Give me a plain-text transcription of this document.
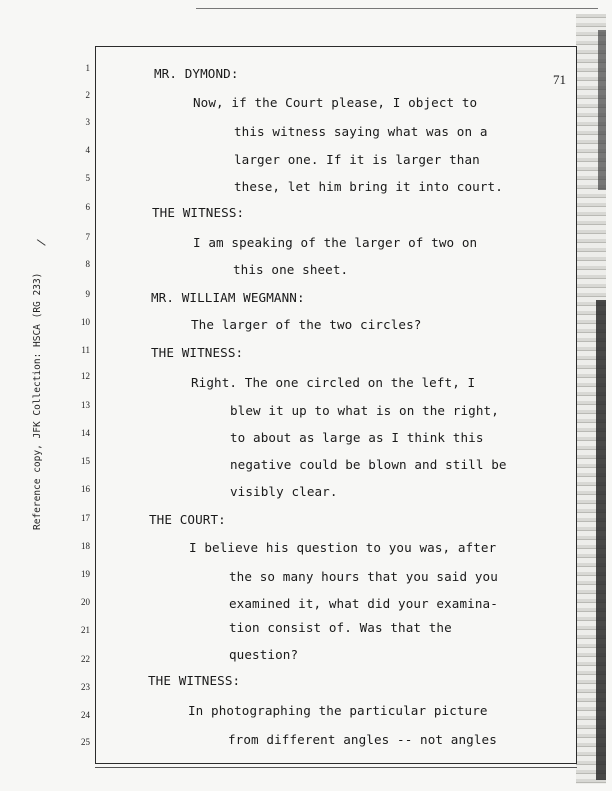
71
Reference copy, JFK Collection: HSCA (RG 233)
\
1
2
3
4
5
6
7
8
9
10
11
12
13
14
15
16
17
18
19
20
21
22
23
24
25
MR. DYMOND:
Now, if the Court please, I object to
this witness saying what was on a
larger one. If it is larger than
these, let him bring it into court.
THE WITNESS:
I am speaking of the larger of two on
this one sheet.
MR. WILLIAM WEGMANN:
The larger of the two circles?
THE WITNESS:
Right. The one circled on the left, I
blew it up to what is on the right,
to about as large as I think this
negative could be blown and still be
visibly clear.
THE COURT:
I believe his question to you was, after
the so many hours that you said you
examined it, what did your examina-
tion consist of. Was that the
question?
THE WITNESS:
In photographing the particular picture
from different angles -- not angles
